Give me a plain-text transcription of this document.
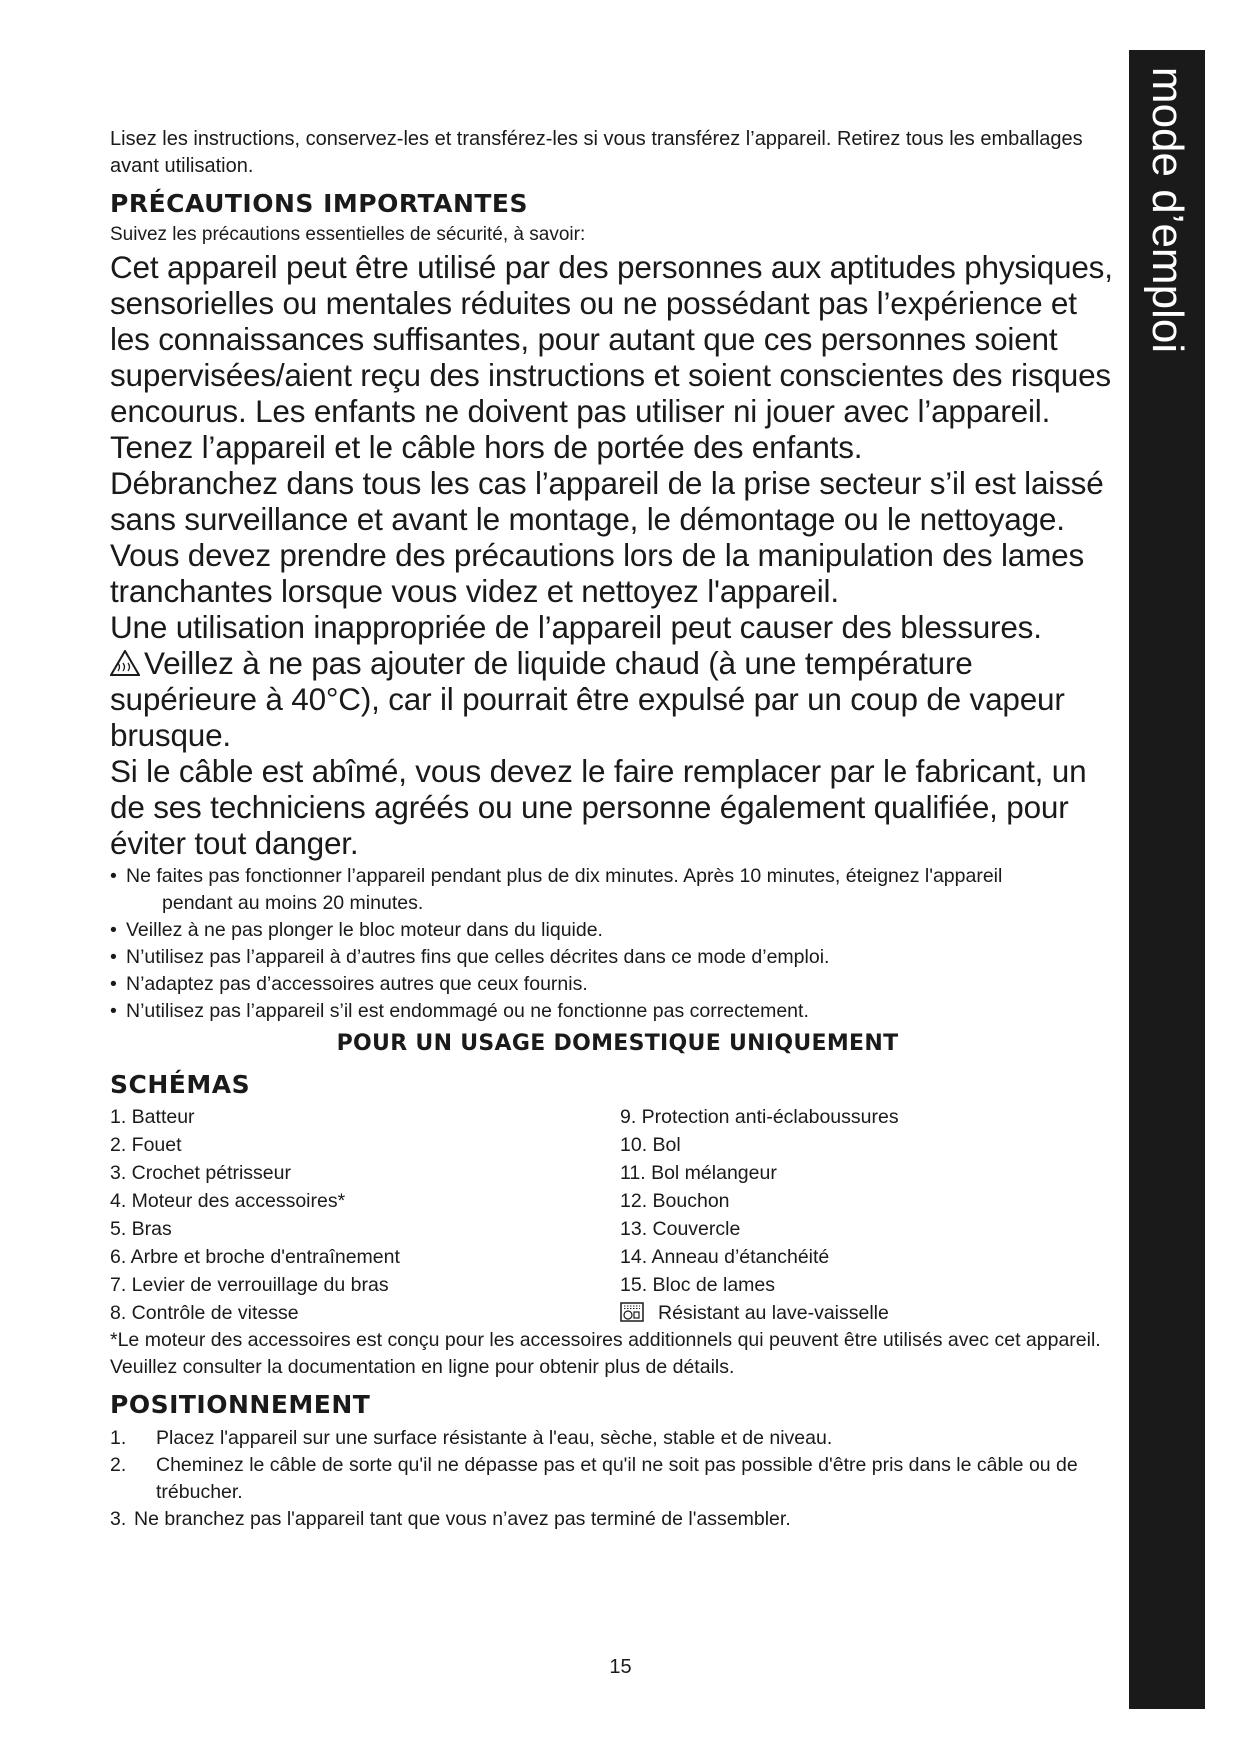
mode d’emploi

Lisez les instructions, conservez-les et transférez-les si vous transférez l’appareil. Retirez tous les emballages avant utilisation.

PRÉCAUTIONS IMPORTANTES

Suivez les précautions essentielles de sécurité, à savoir:

Cet appareil peut être utilisé par des personnes aux aptitudes physiques, sensorielles ou mentales réduites ou ne possédant pas l’expérience et les connaissances suffisantes, pour autant que ces personnes soient supervisées/aient reçu des instructions et soient conscientes des risques encourus. Les enfants ne doivent pas utiliser ni jouer avec l’appareil. Tenez l’appareil et le câble hors de portée des enfants.

Débranchez dans tous les cas l’appareil de la prise secteur s’il est laissé sans surveillance et avant le montage, le démontage ou le nettoyage.

Vous devez prendre des précautions lors de la manipulation des lames tranchantes lorsque vous videz et nettoyez l'appareil.

Une utilisation inappropriée de l’appareil peut causer des blessures.

Veillez à ne pas ajouter de liquide chaud (à une température supérieure à 40°C), car il pourrait être expulsé par un coup de vapeur brusque.

Si le câble est abîmé, vous devez le faire remplacer par le fabricant, un de ses techniciens agréés ou une personne également qualifiée, pour éviter tout danger.

• Ne faites pas fonctionner l’appareil pendant plus de dix minutes. Après 10 minutes, éteignez l'appareil
pendant au moins 20 minutes.
• Veillez à ne pas plonger le bloc moteur dans du liquide.
• N’utilisez pas l’appareil à d’autres fins que celles décrites dans ce mode d’emploi.
• N’adaptez pas d’accessoires autres que ceux fournis.
• N’utilisez pas l’appareil s’il est endommagé ou ne fonctionne pas correctement.
POUR UN USAGE DOMESTIQUE UNIQUEMENT
SCHÉMAS
1. Batteur
2. Fouet
3. Crochet pétrisseur
4. Moteur des accessoires*
5. Bras
6. Arbre et broche d'entraînement
7. Levier de verrouillage du bras
8. Contrôle de vitesse
9. Protection anti-éclaboussures
10. Bol
11. Bol mélangeur
12. Bouchon
13. Couvercle
14. Anneau d’étanchéité
15. Bloc de lames
Résistant au lave-vaisselle

*Le moteur des accessoires est conçu pour les accessoires additionnels qui peuvent être utilisés avec cet appareil. Veuillez consulter la documentation en ligne pour obtenir plus de détails.

POSITIONNEMENT
1. Placez l'appareil sur une surface résistante à l'eau, sèche, stable et de niveau.
2. Cheminez le câble de sorte qu'il ne dépasse pas et qu'il ne soit pas possible d'être pris dans le câble ou de trébucher.
3. Ne branchez pas l'appareil tant que vous n’avez pas terminé de l'assembler.
15
